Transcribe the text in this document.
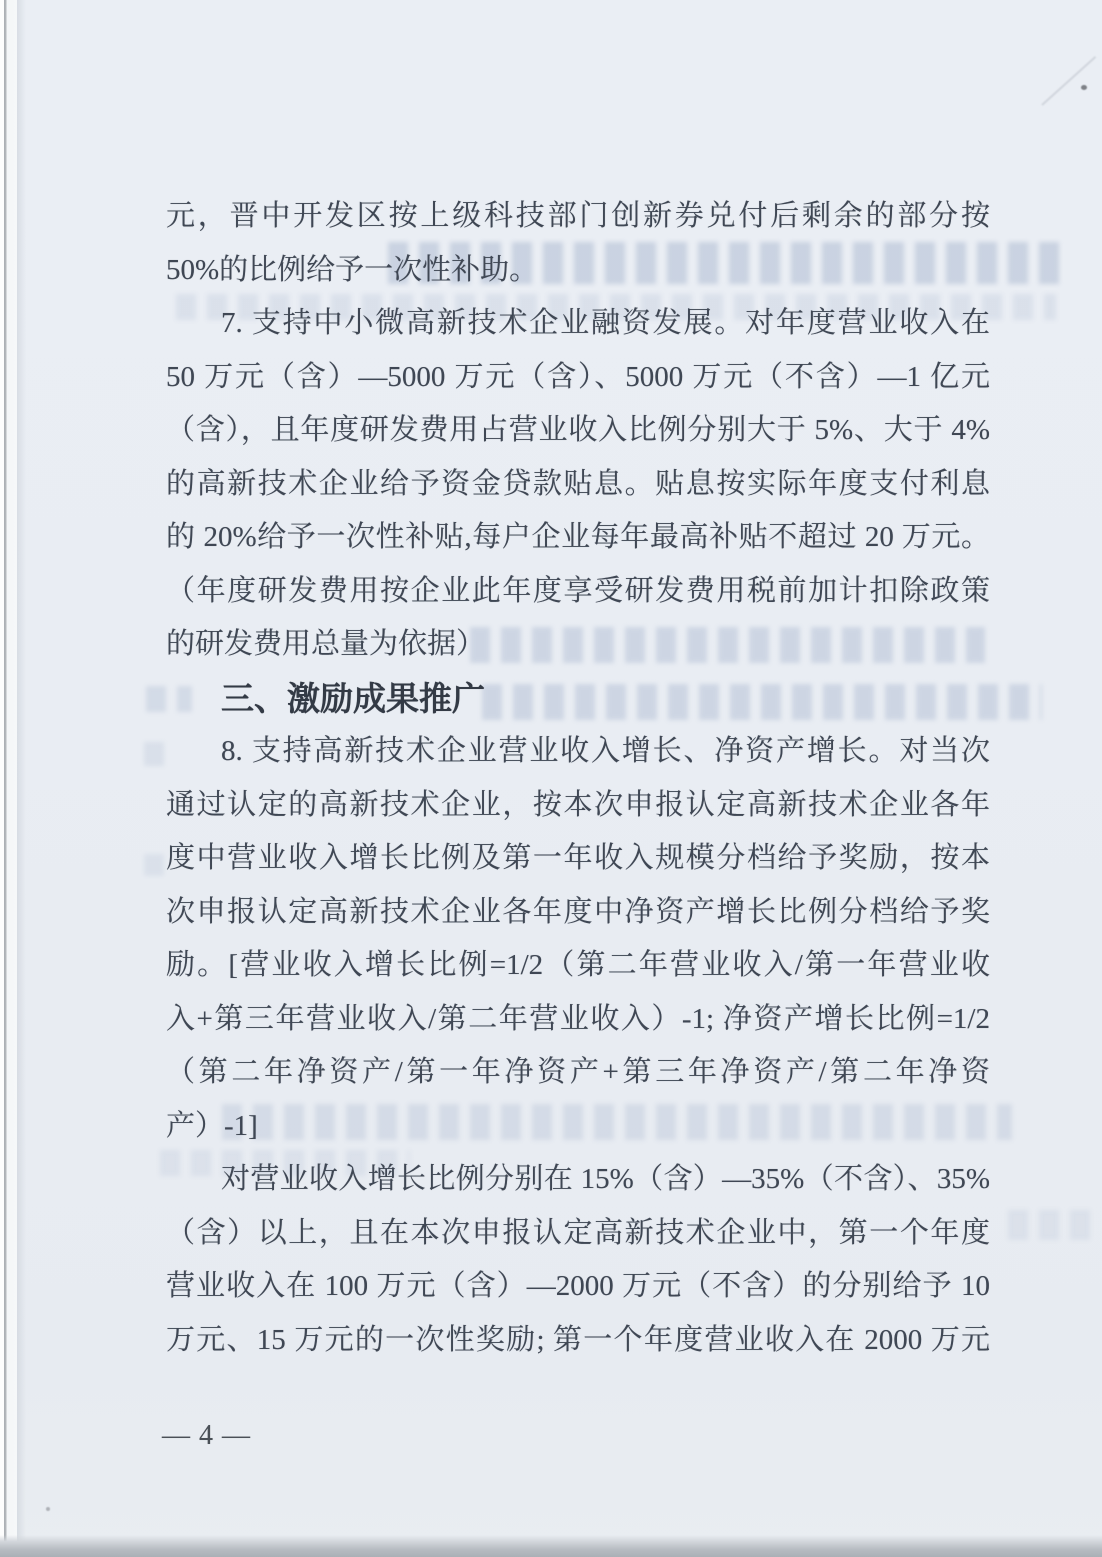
元，晋中开发区按上级科技部门创新券兑付后剩余的部分按
50%的比例给予一次性补助。
7. 支持中小微高新技术企业融资发展。对年度营业收入在
50 万元（含）—5000 万元（含）、5000 万元（不含）—1 亿元
（含），且年度研发费用占营业收入比例分别大于 5%、大于 4%
的高新技术企业给予资金贷款贴息。贴息按实际年度支付利息
的 20%给予一次性补贴,每户企业每年最高补贴不超过 20 万元。
（年度研发费用按企业此年度享受研发费用税前加计扣除政策
的研发费用总量为依据）
三、激励成果推广
8. 支持高新技术企业营业收入增长、净资产增长。对当次
通过认定的高新技术企业，按本次申报认定高新技术企业各年
度中营业收入增长比例及第一年收入规模分档给予奖励，按本
次申报认定高新技术企业各年度中净资产增长比例分档给予奖
励。[营业收入增长比例=1/2（第二年营业收入/第一年营业收
入+第三年营业收入/第二年营业收入）-1; 净资产增长比例=1/2
（第二年净资产/第一年净资产+第三年净资产/第二年净资
产）-1]
对营业收入增长比例分别在 15%（含）—35%（不含）、35%
（含）以上，且在本次申报认定高新技术企业中，第一个年度
营业收入在 100 万元（含）—2000 万元（不含）的分别给予 10
万元、15 万元的一次性奖励; 第一个年度营业收入在 2000 万元
— 4 —
